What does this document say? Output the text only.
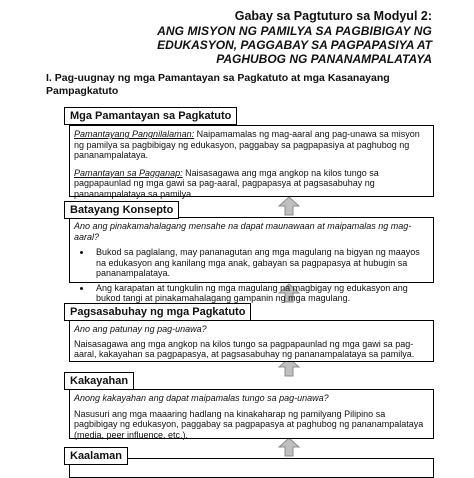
Gabay sa Pagtuturo sa Modyul 2:
ANG MISYON NG PAMILYA SA PAGBIBIGAY NG
EDUKASYON, PAGGABAY SA PAGPAPASIYA AT
PAGHUBOG NG PANANAMPALATAYA
I. Pag-uugnay ng mga Pamantayan sa Pagkatuto at mga Kasanayang
Pampagkatuto

Pamantayang Pangnilalaman: Naipamamalas ng mag-aaral ang pag-unawa sa misyon ng pamilya sa pagbibigay ng edukasyon, paggabay sa pagpapasiya at paghubog ng pananampalataya.

Pamantayan sa Pagganap: Naisasagawa ang mga angkop na kilos tungo sa pagpapaunlad ng mga gawi sa pag-aaral, pagpapasya at pagsasabuhay ng pananampalataya sa pamilya.

Mga Pamantayan sa Pagkatuto

Ano ang pinakamahalagang mensahe na dapat maunawaan at maipamalas ng mag-aaral?

• Bukod sa paglalang, may pananagutan ang mga magulang na bigyan ng maayos na edukasyon ang kanilang mga anak, gabayan sa pagpapasya at hubugin sa pananampalataya.
• Ang karapatan at tungkulin ng mga magulang na magbigay ng edukasyon ang bukod tangi at pinakamahalagang gampanin ng mga magulang.
Batayang Konsepto

Ano ang patunay ng pag-unawa?

Naisasagawa ang mga angkop na kilos tungo sa pagpapaunlad ng mga gawi sa pag-aaral, kakayahan sa pagpapasya, at pagsasabuhay ng pananampalataya sa pamilya.

Pagsasabuhay ng mga Pagkatuto

Anong kakayahan ang dapat maipamalas tungo sa pag-unawa?

Nasusuri ang mga maaaring hadlang na kinakaharap ng pamilyang Pilipino sa pagbibigay ng edukasyon, paggabay sa pagpapasya at paghubog ng pananampalataya (media, peer influence, etc.).

Kakayahan
Kaalaman
